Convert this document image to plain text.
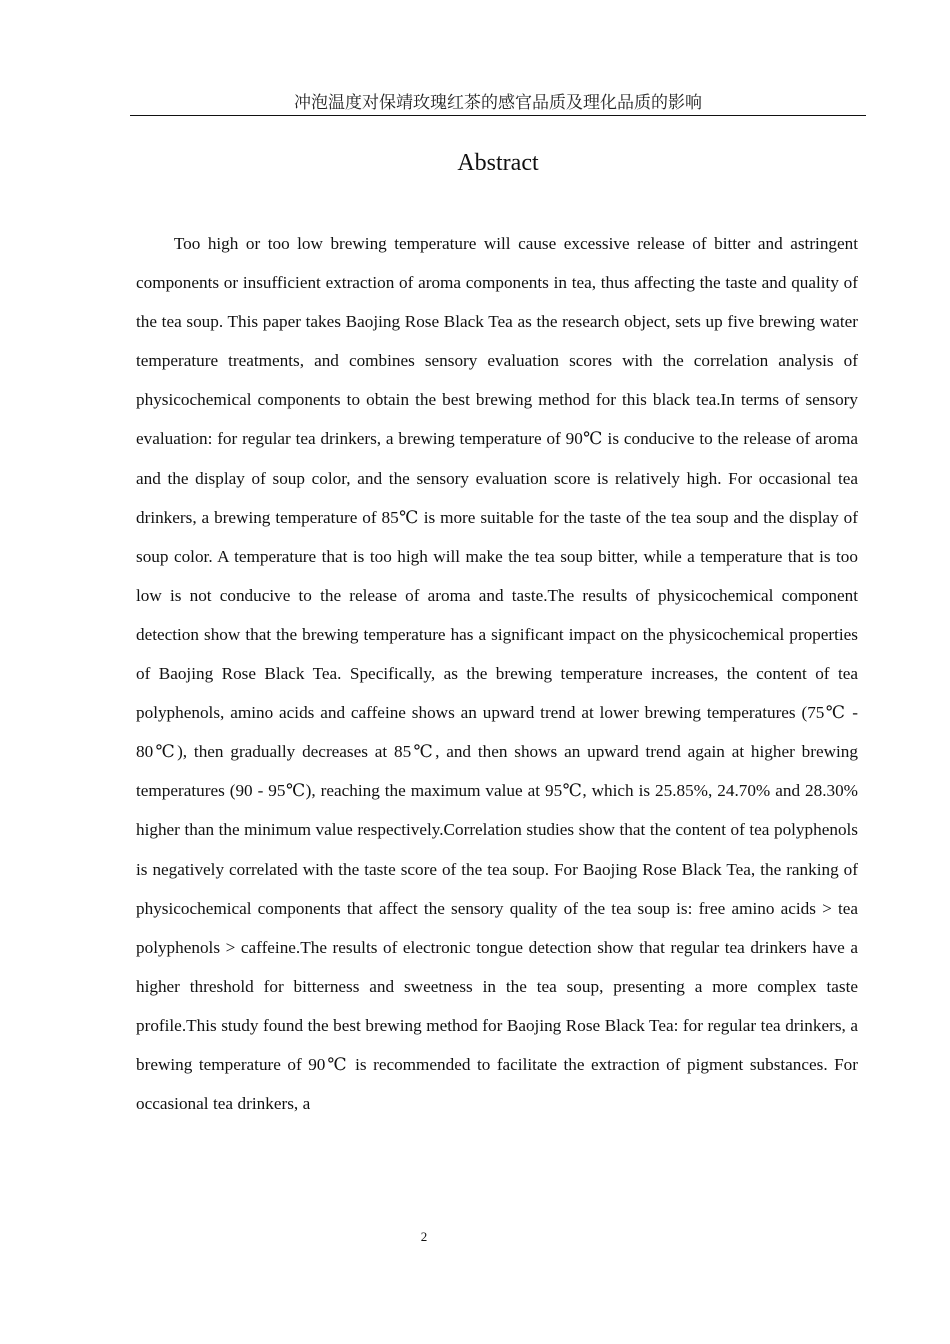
冲泡温度对保靖玫瑰红茶的感官品质及理化品质的影响
Abstract

Too high or too low brewing temperature will cause excessive release of bitter and astringent components or insufficient extraction of aroma components in tea, thus affecting the taste and quality of the tea soup. This paper takes Baojing Rose Black Tea as the research object, sets up five brewing water temperature treatments, and combines sensory evaluation scores with the correlation analysis of physicochemical components to obtain the best brewing method for this black tea.In terms of sensory evaluation: for regular tea drinkers, a brewing temperature of 90℃ is conducive to the release of aroma and the display of soup color, and the sensory evaluation score is relatively high. For occasional tea drinkers, a brewing temperature of 85℃ is more suitable for the taste of the tea soup and the display of soup color. A temperature that is too high will make the tea soup bitter, while a temperature that is too low is not conducive to the release of aroma and taste.The results of physicochemical component detection show that the brewing temperature has a significant impact on the physicochemical properties of Baojing Rose Black Tea. Specifically, as the brewing temperature increases, the content of tea polyphenols, amino acids and caffeine shows an upward trend at lower brewing temperatures (75℃ - 80℃), then gradually decreases at 85℃, and then shows an upward trend again at higher brewing temperatures (90 - 95℃), reaching the maximum value at 95℃, which is 25.85%, 24.70% and 28.30% higher than the minimum value respectively.Correlation studies show that the content of tea polyphenols is negatively correlated with the taste score of the tea soup. For Baojing Rose Black Tea, the ranking of physicochemical components that affect the sensory quality of the tea soup is: free amino acids > tea polyphenols > caffeine.The results of electronic tongue detection show that regular tea drinkers have a higher threshold for bitterness and sweetness in the tea soup, presenting a more complex taste profile.This study found the best brewing method for Baojing Rose Black Tea: for regular tea drinkers, a brewing temperature of 90℃ is recommended to facilitate the extraction of pigment substances. For occasional tea drinkers, a

2
